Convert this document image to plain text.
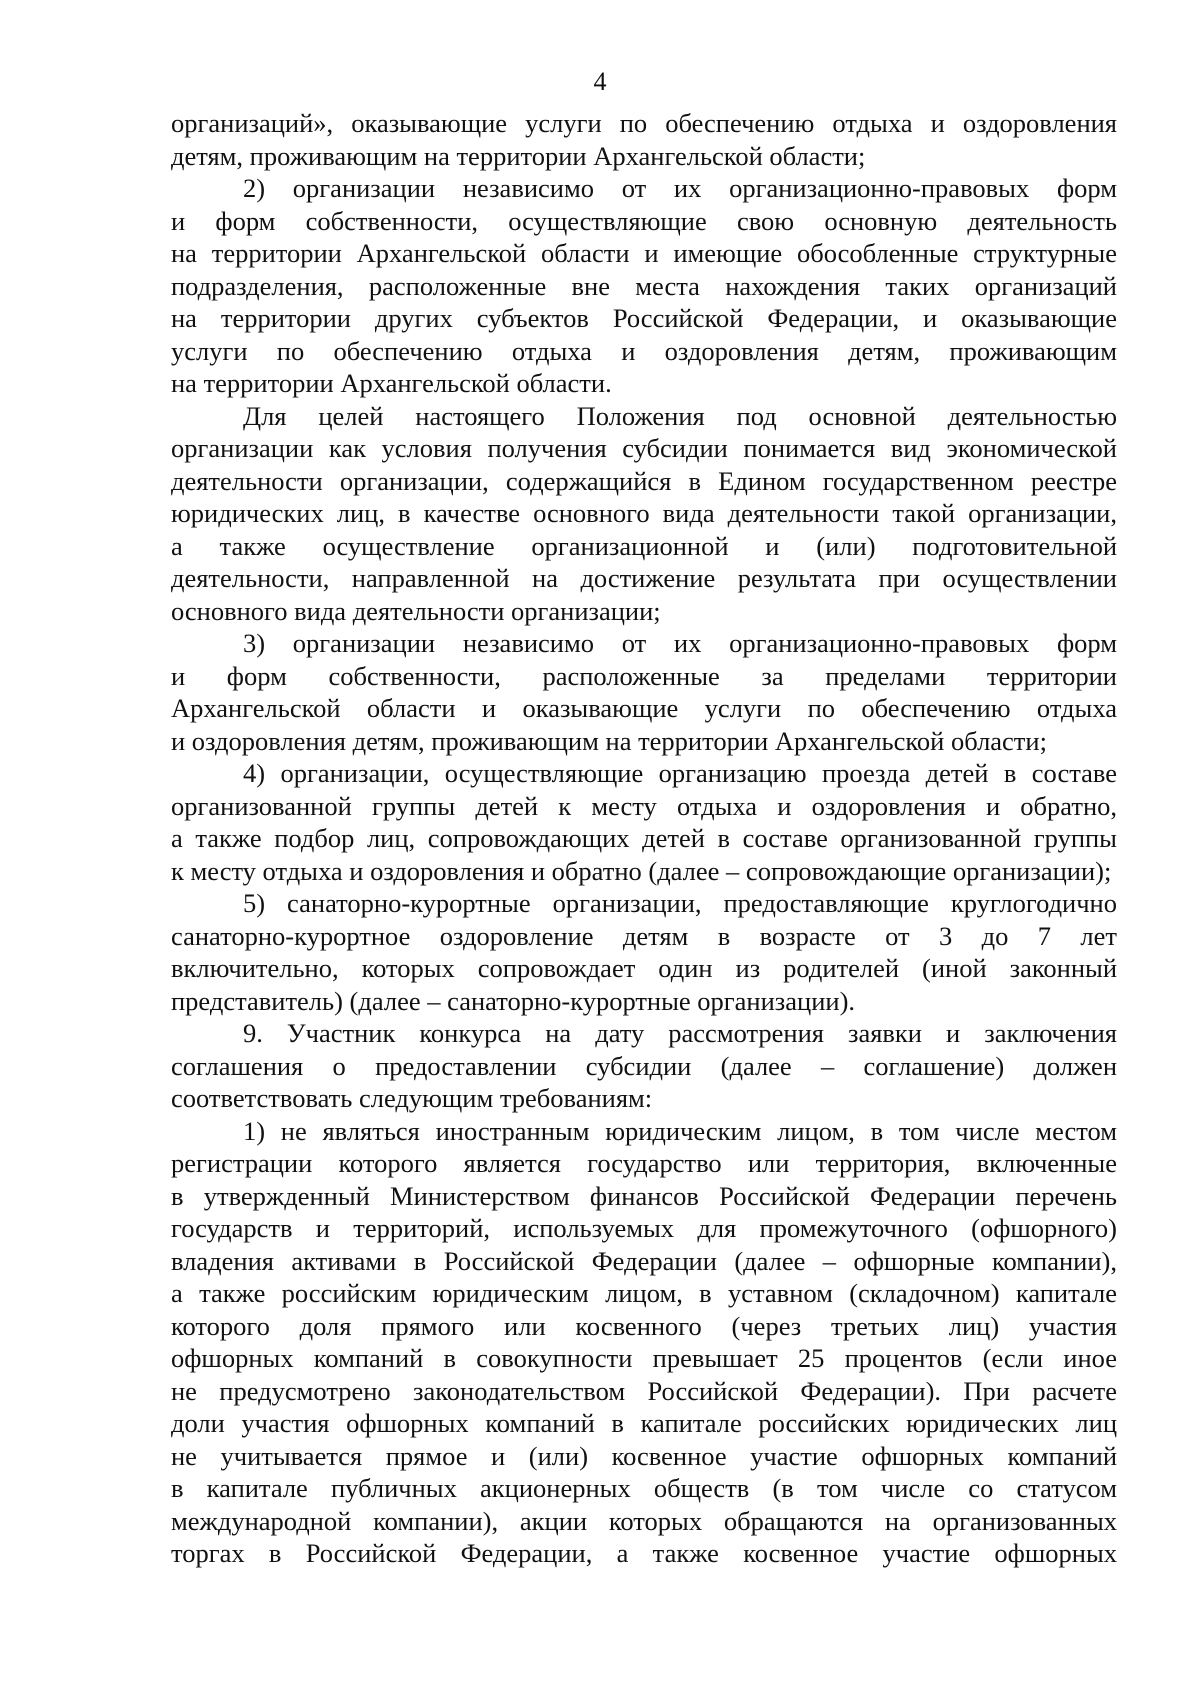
4
организаций», оказывающие услуги по обеспечению отдыха и оздоровления
детям, проживающим на территории Архангельской области;
2) организации независимо от их организационно-правовых форм
и форм собственности, осуществляющие свою основную деятельность
на территории Архангельской области и имеющие обособленные структурные
подразделения, расположенные вне места нахождения таких организаций
на территории других субъектов Российской Федерации, и оказывающие
услуги по обеспечению отдыха и оздоровления детям, проживающим
на территории Архангельской области.
Для целей настоящего Положения под основной деятельностью
организации как условия получения субсидии понимается вид экономической
деятельности организации, содержащийся в Едином государственном реестре
юридических лиц, в качестве основного вида деятельности такой организации,
а также осуществление организационной и (или) подготовительной
деятельности, направленной на достижение результата при осуществлении
основного вида деятельности организации;
3) организации независимо от их организационно-правовых форм
и форм собственности, расположенные за пределами территории
Архангельской области и оказывающие услуги по обеспечению отдыха
и оздоровления детям, проживающим на территории Архангельской области;
4) организации, осуществляющие организацию проезда детей в составе
организованной группы детей к месту отдыха и оздоровления и обратно,
а также подбор лиц, сопровождающих детей в составе организованной группы
к месту отдыха и оздоровления и обратно (далее – сопровождающие организации);
5) санаторно-курортные организации, предоставляющие круглогодично
санаторно-курортное оздоровление детям в возрасте от 3 до 7 лет
включительно, которых сопровождает один из родителей (иной законный
представитель) (далее – санаторно-курортные организации).
9. Участник конкурса на дату рассмотрения заявки и заключения
соглашения о предоставлении субсидии (далее – соглашение) должен
соответствовать следующим требованиям:
1) не являться иностранным юридическим лицом, в том числе местом
регистрации которого является государство или территория, включенные
в утвержденный Министерством финансов Российской Федерации перечень
государств и территорий, используемых для промежуточного (офшорного)
владения активами в Российской Федерации (далее – офшорные компании),
а также российским юридическим лицом, в уставном (складочном) капитале
которого доля прямого или косвенного (через третьих лиц) участия
офшорных компаний в совокупности превышает 25 процентов (если иное
не предусмотрено законодательством Российской Федерации). При расчете
доли участия офшорных компаний в капитале российских юридических лиц
не учитывается прямое и (или) косвенное участие офшорных компаний
в капитале публичных акционерных обществ (в том числе со статусом
международной компании), акции которых обращаются на организованных
торгах в Российской Федерации, а также косвенное участие офшорных
